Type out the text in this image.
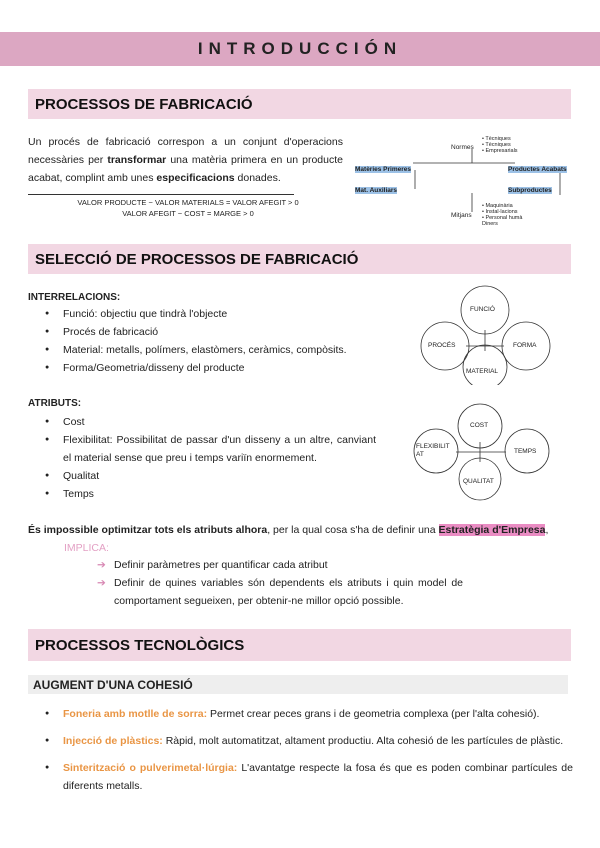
INTRODUCCIÓN
PROCESSOS DE FABRICACIÓ
Un procés de fabricació correspon a un conjunt d'operacions necessàries per transformar una matèria primera en un producte acabat, complint amb unes especificacions donades.
VALOR PRODUCTE − VALOR MATERIALS = VALOR AFEGIT > 0
VALOR AFEGIT − COST = MARGE > 0
Normes
• Tècniques
• Tècniques
• Empresarials
Matèries Primeres	Productes Acabats
Mat. Auxiliars	Subproductes
Mitjans
• Maquinària
• Instal·lacions
• Personal humà
Diners
SELECCIÓ DE PROCESSOS DE FABRICACIÓ
INTERRELACIONS:
● Funció: objectiu que tindrà l'objecte
● Procés de fabricació
● Material: metalls, polímers, elastòmers, ceràmics, compòsits.
● Forma/Geometria/disseny del producte
FUNCIÓ
PROCÉS	FORMA
MATERIAL
ATRIBUTS:
● Cost
● Flexibilitat: Possibilitat de passar d'un disseny a un altre, canviant el material sense que preu i temps variïn enormement.
● Qualitat
● Temps
COST
FLEXIBILITAT	TEMPS
QUALITAT
És impossible optimitzar tots els atributs alhora, per la qual cosa s'ha de definir una Estratègia d'Empresa,
IMPLICA:
➔ Definir paràmetres per quantificar cada atribut
➔ Definir de quines variables són dependents els atributs i quin model de comportament segueixen, per obtenir-ne millor opció possible.
PROCESSOS TECNOLÒGICS
AUGMENT D'UNA COHESIÓ
● Foneria amb motlle de sorra: Permet crear peces grans i de geometria complexa (per l'alta cohesió).
● Injecció de plàstics: Ràpid, molt automatitzat, altament productiu. Alta cohesió de les partícules de plàstic.
● Sinterització o pulverimetal·lúrgia: L'avantatge respecte la fosa és que es poden combinar partícules de diferents metalls.
